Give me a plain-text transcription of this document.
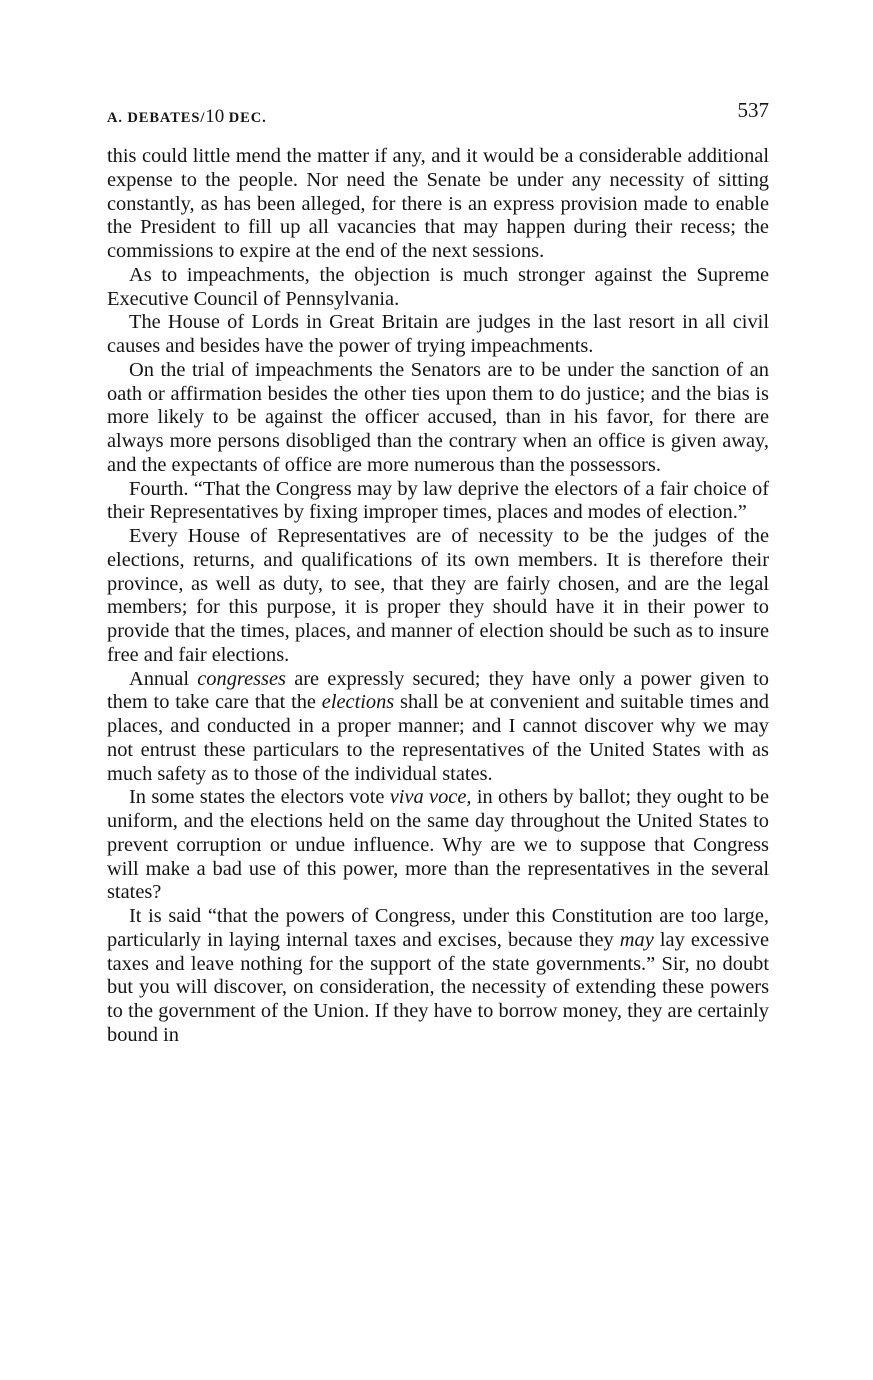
A. DEBATES/10 DEC.	537

this could little mend the matter if any, and it would be a considerable additional expense to the people. Nor need the Senate be under any necessity of sitting constantly, as has been alleged, for there is an express provision made to enable the President to fill up all vacancies that may happen during their recess; the commissions to expire at the end of the next sessions.

As to impeachments, the objection is much stronger against the Supreme Executive Council of Pennsylvania.

The House of Lords in Great Britain are judges in the last resort in all civil causes and besides have the power of trying impeachments.

On the trial of impeachments the Senators are to be under the sanction of an oath or affirmation besides the other ties upon them to do justice; and the bias is more likely to be against the officer accused, than in his favor, for there are always more persons disobliged than the contrary when an office is given away, and the expectants of office are more numerous than the possessors.

Fourth. “That the Congress may by law deprive the electors of a fair choice of their Representatives by fixing improper times, places and modes of election.”

Every House of Representatives are of necessity to be the judges of the elections, returns, and qualifications of its own members. It is therefore their province, as well as duty, to see, that they are fairly chosen, and are the legal members; for this purpose, it is proper they should have it in their power to provide that the times, places, and manner of election should be such as to insure free and fair elections.

Annual congresses are expressly secured; they have only a power given to them to take care that the elections shall be at convenient and suitable times and places, and conducted in a proper manner; and I cannot discover why we may not entrust these particulars to the representatives of the United States with as much safety as to those of the individual states.

In some states the electors vote viva voce, in others by ballot; they ought to be uniform, and the elections held on the same day throughout the United States to prevent corruption or undue influence. Why are we to suppose that Congress will make a bad use of this power, more than the representatives in the several states?

It is said “that the powers of Congress, under this Constitution are too large, particularly in laying internal taxes and excises, because they may lay excessive taxes and leave nothing for the support of the state governments.” Sir, no doubt but you will discover, on consideration, the necessity of extending these powers to the government of the Union. If they have to borrow money, they are certainly bound in
